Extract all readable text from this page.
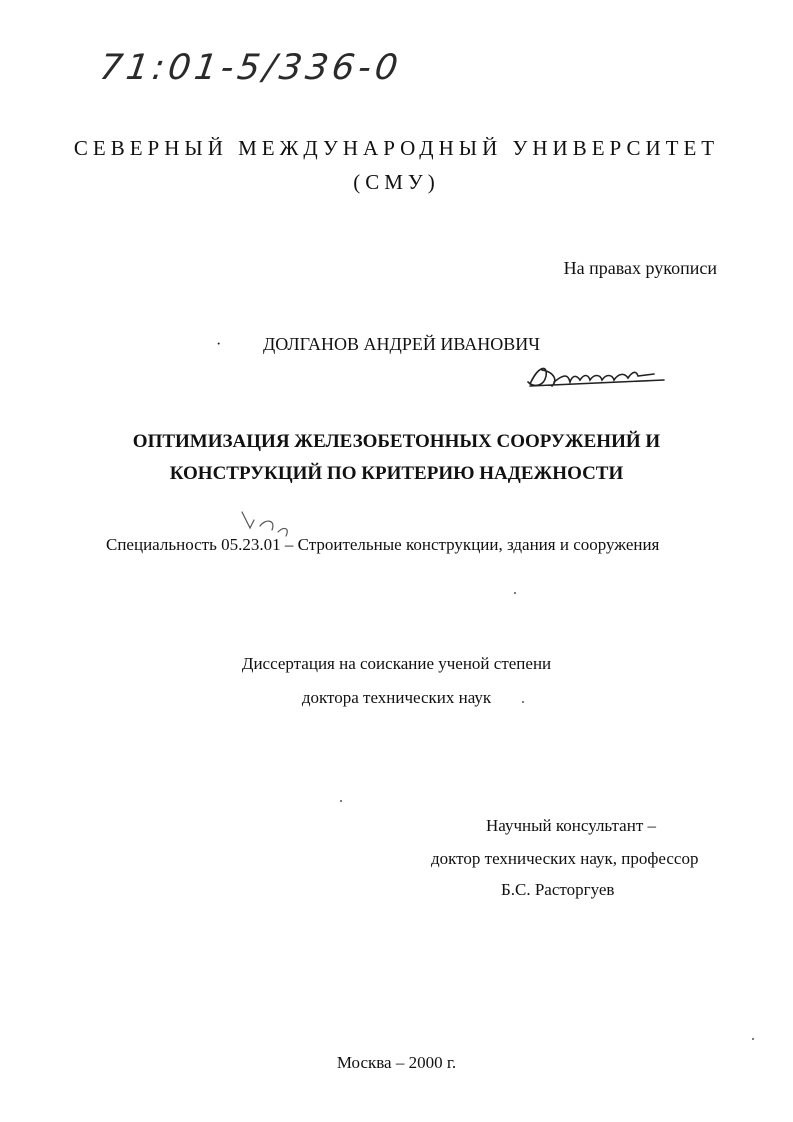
71:01-5/336-0
СЕВЕРНЫЙ МЕЖДУНАРОДНЫЙ УНИВЕРСИТЕТ
(СМУ)
На правах рукописи
· ДОЛГАНОВ АНДРЕЙ ИВАНОВИЧ
ОПТИМИЗАЦИЯ ЖЕЛЕЗОБЕТОННЫХ СООРУЖЕНИЙ И
КОНСТРУКЦИЙ ПО КРИТЕРИЮ НАДЕЖНОСТИ
Специальность 05.23.01 – Строительные конструкции, здания и сооружения
Диссертация на соискание ученой степени
доктора технических наук
Научный консультант –
доктор технических наук, профессор
Б.С. Расторгуев
Москва – 2000 г.
